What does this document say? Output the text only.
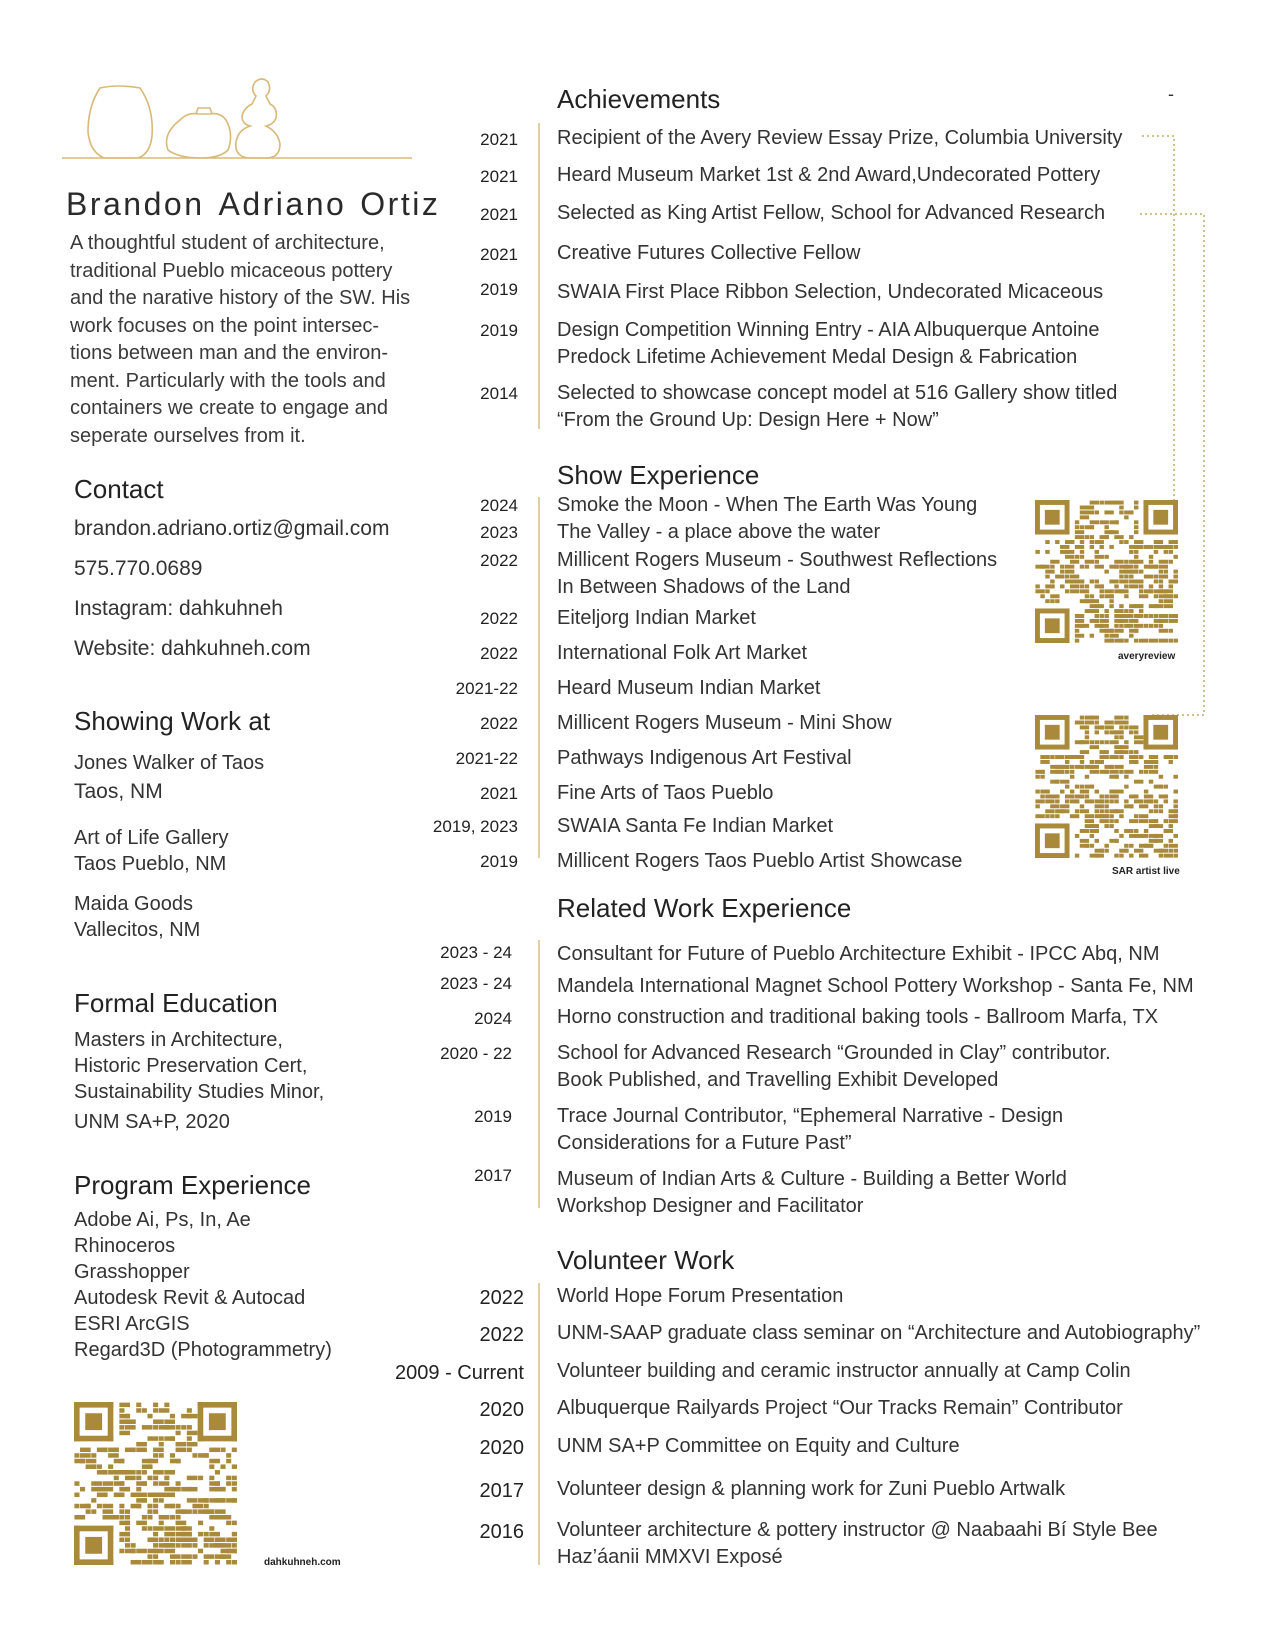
Brandon Adriano Ortiz
A thoughtful student of architecture,
traditional Pueblo micaceous pottery
and the narative history of the SW. His
work focuses on the point intersec-
tions between man and the environ-
ment. Particularly with the tools and
containers we create to engage and
seperate ourselves from it.
Contact
brandon.adriano.ortiz@gmail.com
575.770.0689
Instagram: dahkuhneh
Website: dahkuhneh.com
Showing Work at
Jones Walker of Taos
Taos, NM
Art of Life Gallery
Taos Pueblo, NM
Maida Goods
Vallecitos, NM
Formal Education
Masters in Architecture,
Historic Preservation Cert,
Sustainability Studies Minor,
UNM SA+P, 2020
Program Experience
Adobe Ai, Ps, In, Ae
Rhinoceros
Grasshopper
Autodesk Revit & Autocad
ESRI ArcGIS
Regard3D (Photogrammetry)
dahkuhneh.com
Achievements	-
Show Experience
Related Work Experience
Volunteer Work
2021 Recipient of the Avery Review Essay Prize, Columbia University
2021 Heard Museum Market 1st & 2nd Award,Undecorated Pottery
2021 Selected as King Artist Fellow, School for Advanced Research
2021 Creative Futures Collective Fellow
2019 SWAIA First Place Ribbon Selection, Undecorated Micaceous
2019 Design Competition Winning Entry - AIA Albuquerque Antoine
Predock Lifetime Achievement Medal Design & Fabrication
2014 Selected to showcase concept model at 516 Gallery show titled
“From the Ground Up: Design Here + Now”
2024 Smoke the Moon - When The Earth Was Young
2023 The Valley - a place above the water
2022 Millicent Rogers Museum - Southwest Reflections
In Between Shadows of the Land
2022 Eiteljorg Indian Market
2022 International Folk Art Market
2021-22 Heard Museum Indian Market
2022 Millicent Rogers Museum - Mini Show
2021-22 Pathways Indigenous Art Festival
2021 Fine Arts of Taos Pueblo
2019, 2023 SWAIA Santa Fe Indian Market
2019 Millicent Rogers Taos Pueblo Artist Showcase
2023 - 24 Consultant for Future of Pueblo Architecture Exhibit - IPCC Abq, NM
2023 - 24 Mandela International Magnet School Pottery Workshop - Santa Fe, NM
2024 Horno construction and traditional baking tools - Ballroom Marfa, TX
2020 - 22 School for Advanced Research “Grounded in Clay” contributor.
Book Published, and Travelling Exhibit Developed
2019 Trace Journal Contributor, “Ephemeral Narrative - Design
Considerations for a Future Past”
2017 Museum of Indian Arts & Culture - Building a Better World
Workshop Designer and Facilitator
2022 World Hope Forum Presentation
2022 UNM-SAAP graduate class seminar on “Architecture and Autobiography”
2009 - Current Volunteer building and ceramic instructor annually at Camp Colin
2020 Albuquerque Railyards Project “Our Tracks Remain” Contributor
2020 UNM SA+P Committee on Equity and Culture
2017 Volunteer design & planning work for Zuni Pueblo Artwalk
2016 Volunteer architecture & pottery instructor @ Naabaahi Bí Style Bee
Haz’áanii MMXVI Exposé
averyreview
SAR artist live
